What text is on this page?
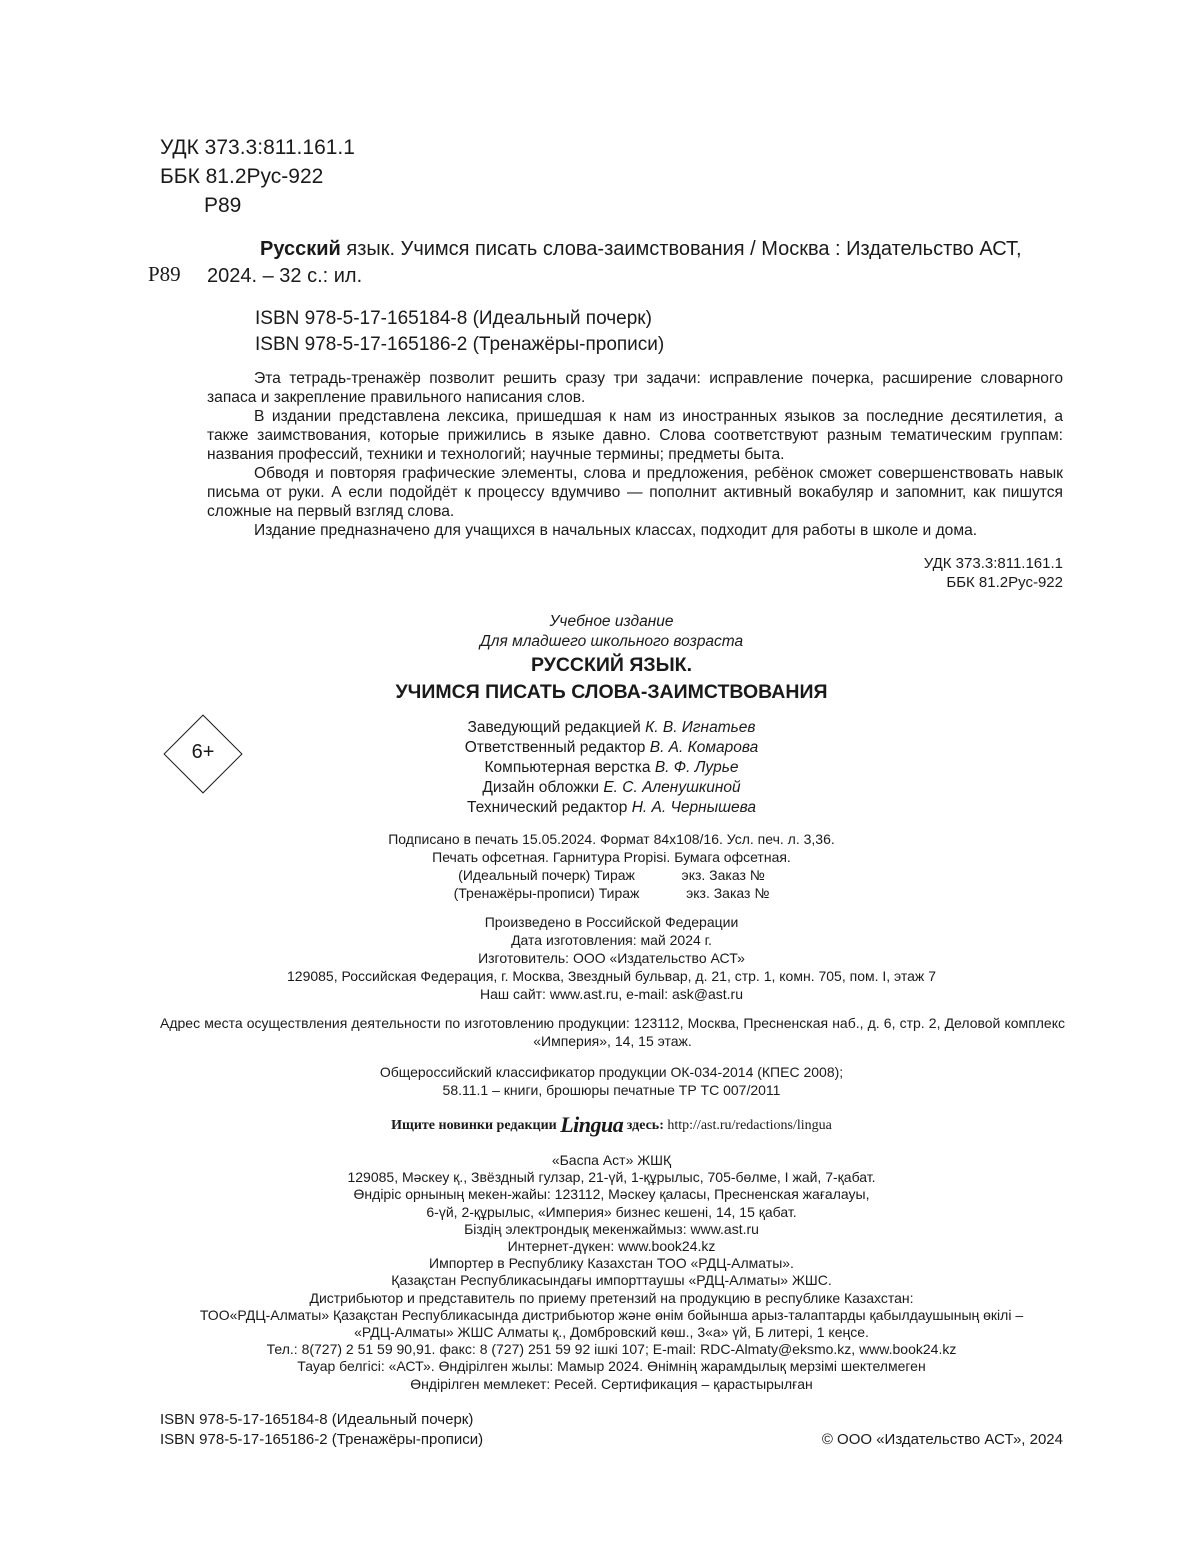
УДК 373.3:811.161.1
ББК 81.2Рус-922
Р89
Р89
Русский язык. Учимся писать слова-заимствования / Москва : Издательство АСТ, 2024. – 32 с.: ил.
ISBN 978-5-17-165184-8 (Идеальный почерк)
ISBN 978-5-17-165186-2 (Тренажёры-прописи)

Эта тетрадь-тренажёр позволит решить сразу три задачи: исправление почерка, расширение словарного запаса и закрепление правильного написания слов.

В издании представлена лексика, пришедшая к нам из иностранных языков за последние десятилетия, а также заимствования, которые прижились в языке давно. Слова соответствуют разным тематическим группам: названия профессий, техники и технологий; научные термины; предметы быта.

Обводя и повторяя графические элементы, слова и предложения, ребёнок сможет совершенствовать навык письма от руки. А если подойдёт к процессу вдумчиво — пополнит активный вокабуляр и запомнит, как пишутся сложные на первый взгляд слова.

Издание предназначено для учащихся в начальных классах, подходит для работы в школе и дома.

УДК 373.3:811.161.1
ББК 81.2Рус-922
Учебное издание
Для младшего школьного возраста
РУССКИЙ ЯЗЫК.
УЧИМСЯ ПИСАТЬ СЛОВА-ЗАИМСТВОВАНИЯ
6+
Заведующий редакцией К. В. Игнатьев
Ответственный редактор В. А. Комарова
Компьютерная верстка В. Ф. Лурье
Дизайн обложки Е. С. Аленушкиной
Технический редактор Н. А. Чернышева
Подписано в печать 15.05.2024. Формат 84x108/16. Усл. печ. л. 3,36.
Печать офсетная. Гарнитура Propisi. Бумага офсетная.
(Идеальный почерк) Тираж            экз. Заказ №
(Тренажёры-прописи) Тираж            экз. Заказ №
Произведено в Российской Федерации
Дата изготовления: май 2024 г.
Изготовитель: ООО «Издательство АСТ»
129085, Российская Федерация, г. Москва, Звездный бульвар, д. 21, стр. 1, комн. 705, пом. I, этаж 7
Наш сайт: www.ast.ru, e-mail: ask@ast.ru
Адрес места осуществления деятельности по изготовлению продукции: 123112, Москва, Пресненская наб., д. 6, стр. 2, Деловой комплекс «Империя», 14, 15 этаж.
Общероссийский классификатор продукции ОК-034-2014 (КПЕС 2008);
58.11.1 – книги, брошюры печатные ТР ТС 007/2011
Ищите новинки редакции Lingua здесь: http://ast.ru/redactions/lingua
«Баспа Аст» ЖШҚ
129085, Мәскеу қ., Звёздный гулзар, 21-үй, 1-құрылыс, 705-бөлме, I жай, 7-қабат.
Өндіріс орнының мекен-жайы: 123112, Мәскеу қаласы, Пресненская жағалауы,
6-үй, 2-құрылыс, «Империя» бизнес кешені, 14, 15 қабат.
Біздің электрондық мекенжаймыз: www.ast.ru
Интернет-дүкен: www.book24.kz
Импортер в Республику Казахстан ТОО «РДЦ-Алматы».
Қазақстан Республикасындағы импорттаушы «РДЦ-Алматы» ЖШС.
Дистрибьютор и представитель по приему претензий на продукцию в республике Казахстан:
ТОО«РДЦ-Алматы» Қазақстан Республикасында дистрибьютор және өнім бойынша арыз-талаптарды қабылдаушының өкілі –
«РДЦ-Алматы» ЖШС Алматы қ., Домбровский көш., 3«а» үй, Б литері, 1 кеңсе.
Тел.: 8(727) 2 51 59 90,91. факс: 8 (727) 251 59 92 ішкі 107; E-mail: RDC-Almaty@eksmo.kz, www.book24.kz
Тауар белгісі: «АСТ». Өндірілген жылы: Мамыр 2024. Өнімнің жарамдылық мерзімі шектелмеген
Өндірілген мемлекет: Ресей. Сертификация – қарастырылған
ISBN 978-5-17-165184-8 (Идеальный почерк)
ISBN 978-5-17-165186-2 (Тренажёры-прописи)	© ООО «Издательство АСТ», 2024
